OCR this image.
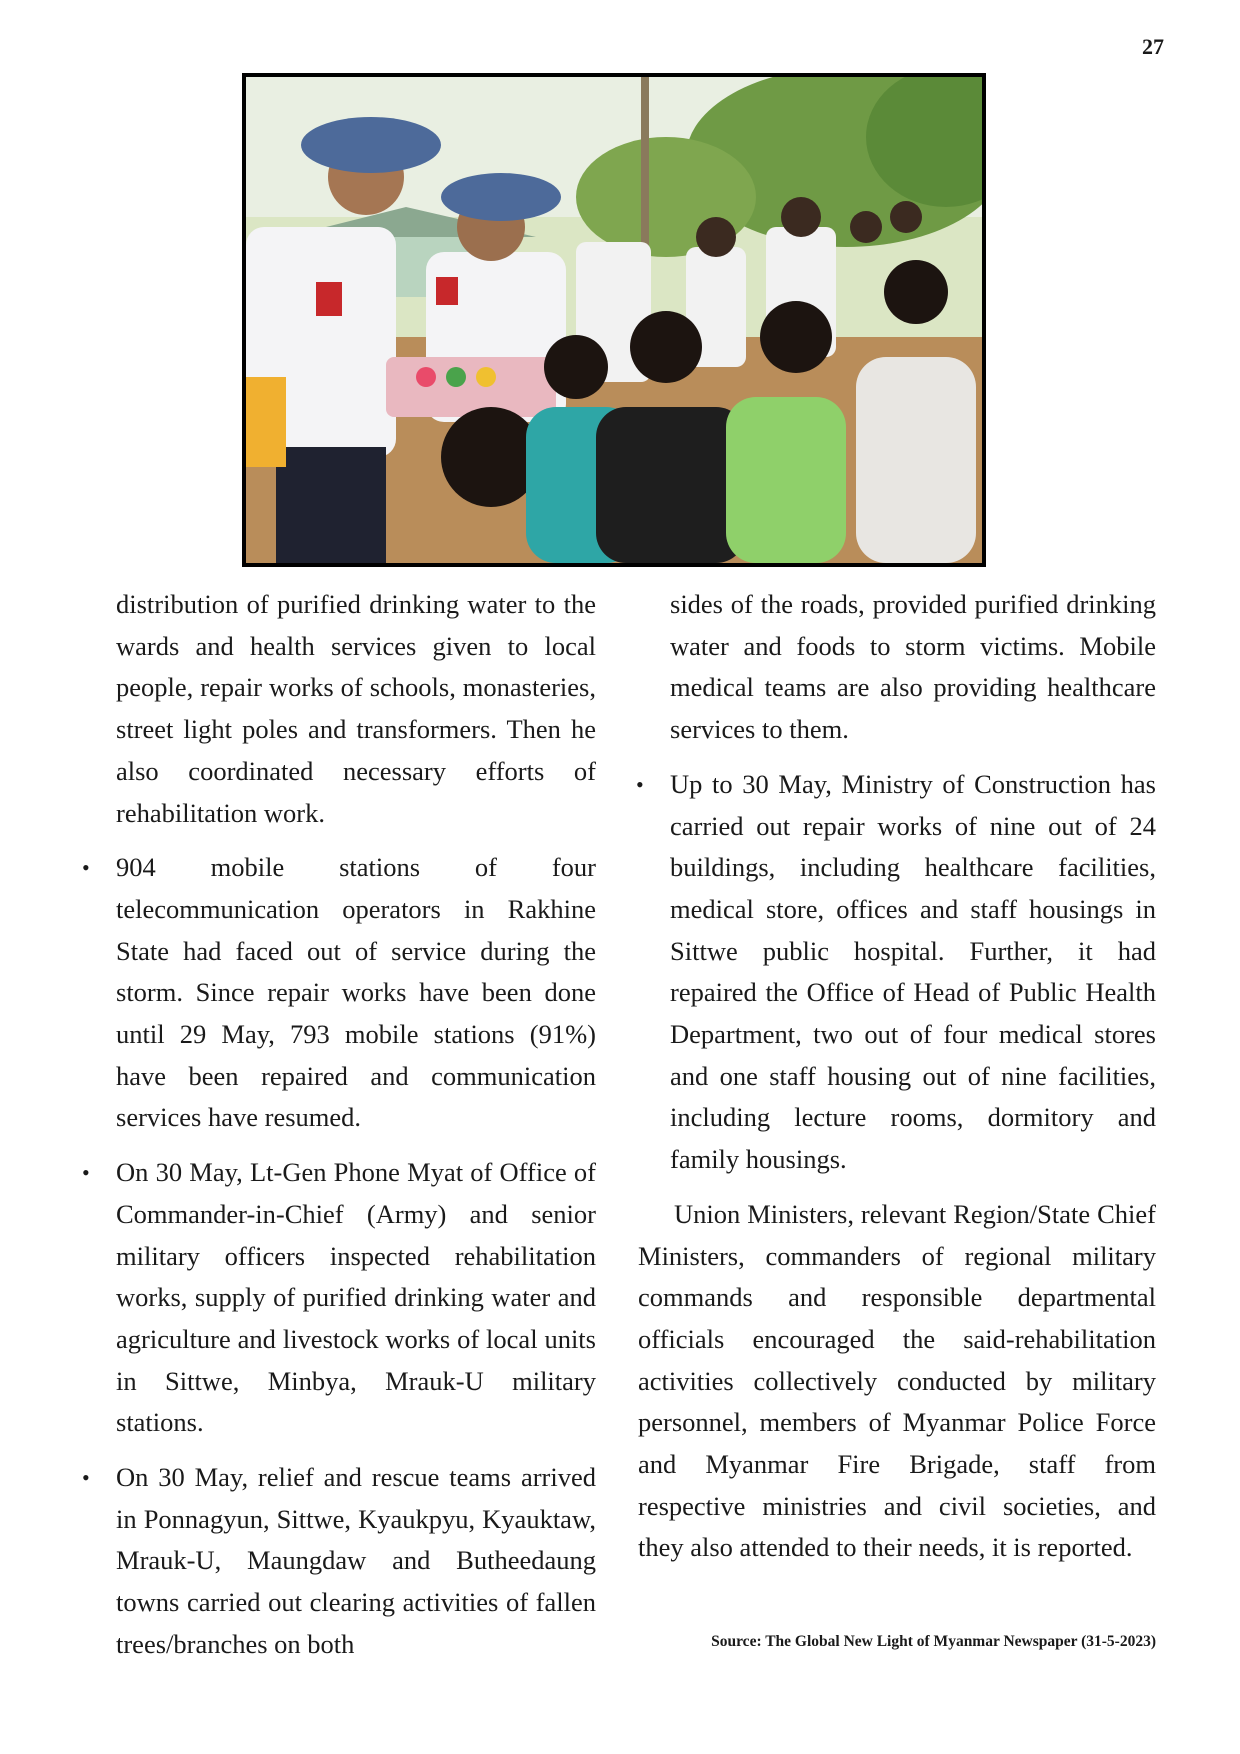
27

distribution of purified drinking water to the wards and health services given to local people, repair works of schools, monasteries, street light poles and transformers. Then he also coordinated necessary efforts of rehabilitation work.

• 904 mobile stations of four telecommunication operators in Rakhine State had faced out of service during the storm. Since repair works have been done until 29 May, 793 mobile stations (91%) have been repaired and communication services have resumed.

• On 30 May, Lt-Gen Phone Myat of Office of Commander-in-Chief (Army) and senior military officers inspected rehabilitation works, supply of purified drinking water and agriculture and livestock works of local units in Sittwe, Minbya, Mrauk-U military stations.

• On 30 May, relief and rescue teams arrived in Ponnagyun, Sittwe, Kyaukpyu, Kyauktaw, Mrauk-U, Maungdaw and Butheedaung towns carried out clearing activities of fallen trees/branches on both

sides of the roads, provided purified drinking water and foods to storm victims. Mobile medical teams are also providing healthcare services to them.

• Up to 30 May, Ministry of Construction has carried out repair works of nine out of 24 buildings, including healthcare facilities, medical store, offices and staff housings in Sittwe public hospital. Further, it had repaired the Office of Head of Public Health Department, two out of four medical stores and one staff housing out of nine facilities, including lecture rooms, dormitory and family housings.

Union Ministers, relevant Region/State Chief Ministers, commanders of regional military commands and responsible departmental officials encouraged the said-rehabilitation activities collectively conducted by military personnel, members of Myanmar Police Force and Myanmar Fire Brigade, staff from respective ministries and civil societies, and they also attended to their needs, it is reported.

Source: The Global New Light of Myanmar Newspaper (31-5-2023)
